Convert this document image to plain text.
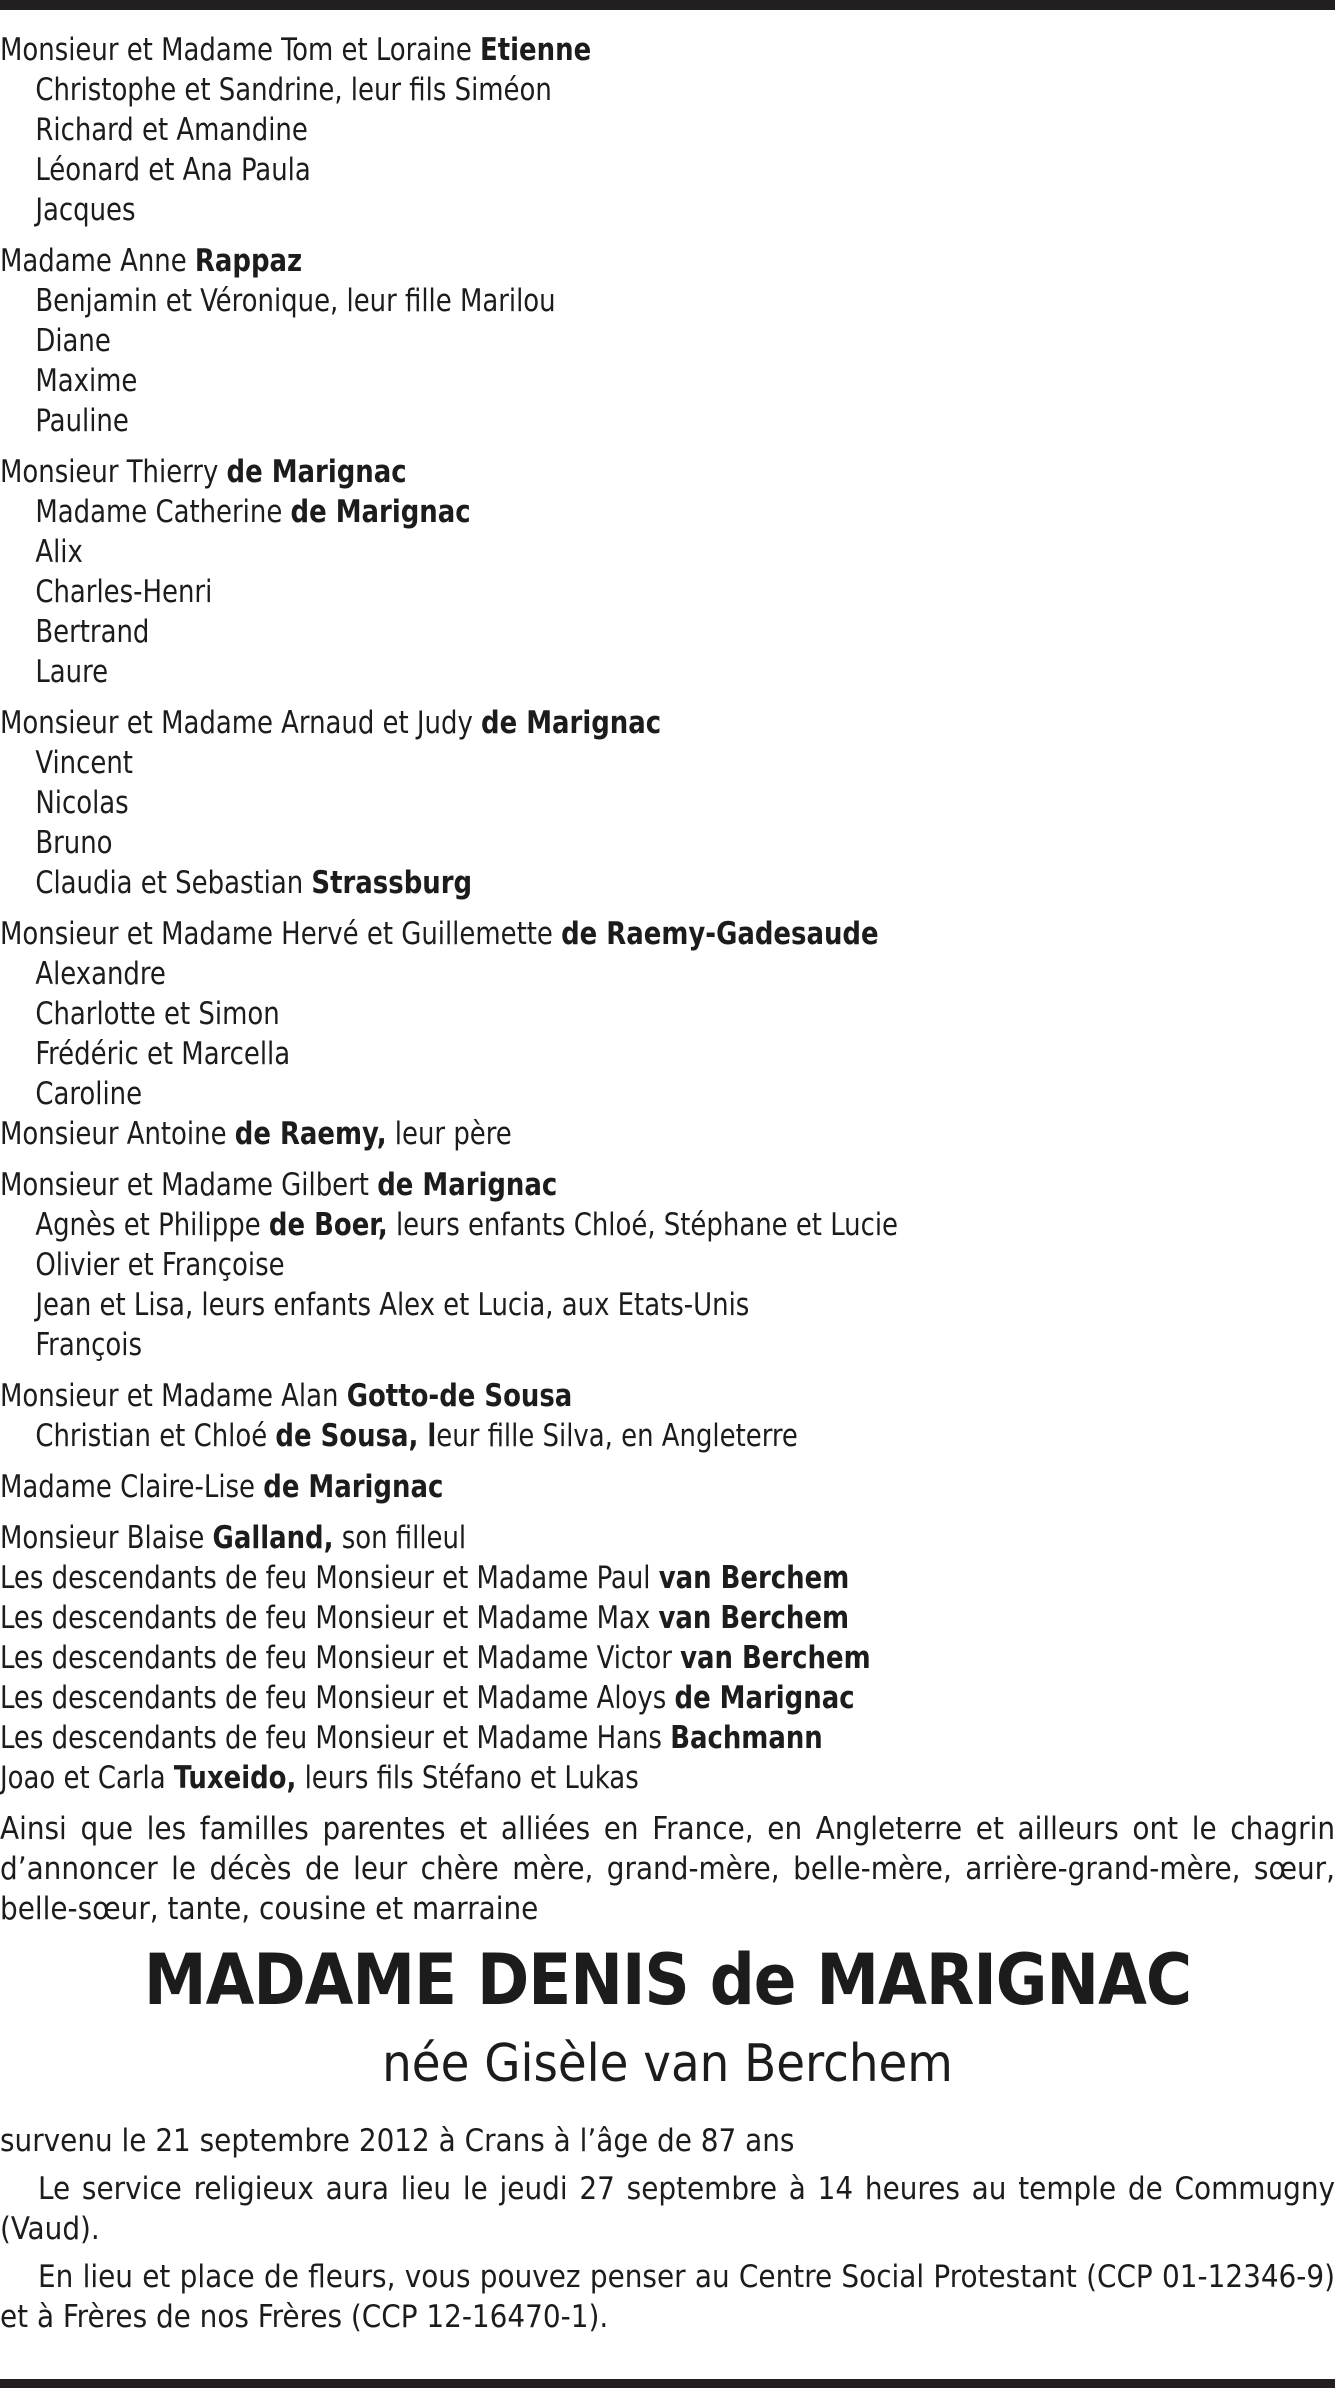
Monsieur et Madame Tom et Loraine Etienne
Christophe et Sandrine, leur fils Siméon
Richard et Amandine
Léonard et Ana Paula
Jacques
Madame Anne Rappaz
Benjamin et Véronique, leur fille Marilou
Diane
Maxime
Pauline
Monsieur Thierry de Marignac
Madame Catherine de Marignac
Alix
Charles-Henri
Bertrand
Laure
Monsieur et Madame Arnaud et Judy de Marignac
Vincent
Nicolas
Bruno
Claudia et Sebastian Strassburg
Monsieur et Madame Hervé et Guillemette de Raemy-Gadesaude
Alexandre
Charlotte et Simon
Frédéric et Marcella
Caroline
Monsieur Antoine de Raemy, leur père
Monsieur et Madame Gilbert de Marignac
Agnès et Philippe de Boer, leurs enfants Chloé, Stéphane et Lucie
Olivier et Françoise
Jean et Lisa, leurs enfants Alex et Lucia, aux Etats-Unis
François
Monsieur et Madame Alan Gotto-de Sousa
Christian et Chloé de Sousa, leur fille Silva, en Angleterre
Madame Claire-Lise de Marignac
Monsieur Blaise Galland, son filleul
Les descendants de feu Monsieur et Madame Paul van Berchem
Les descendants de feu Monsieur et Madame Max van Berchem
Les descendants de feu Monsieur et Madame Victor van Berchem
Les descendants de feu Monsieur et Madame Aloys de Marignac
Les descendants de feu Monsieur et Madame Hans Bachmann
Joao et Carla Tuxeido, leurs fils Stéfano et Lukas
Ainsi que les familles parentes et alliées en France, en Angleterre et ailleurs ont le chagrin d’annoncer le décès de leur chère mère, grand-mère, belle-mère, arrière-grand-mère, sœur, belle-sœur, tante, cousine et marraine
MADAME DENIS de MARIGNAC
née Gisèle van Berchem
survenu le 21 septembre 2012 à Crans à l’âge de 87 ans
Le service religieux aura lieu le jeudi 27 septembre à 14 heures au temple de Commugny (Vaud).
En lieu et place de fleurs, vous pouvez penser au Centre Social Protestant (CCP 01-12346-9) et à Frères de nos Frères (CCP 12-16470-1).
